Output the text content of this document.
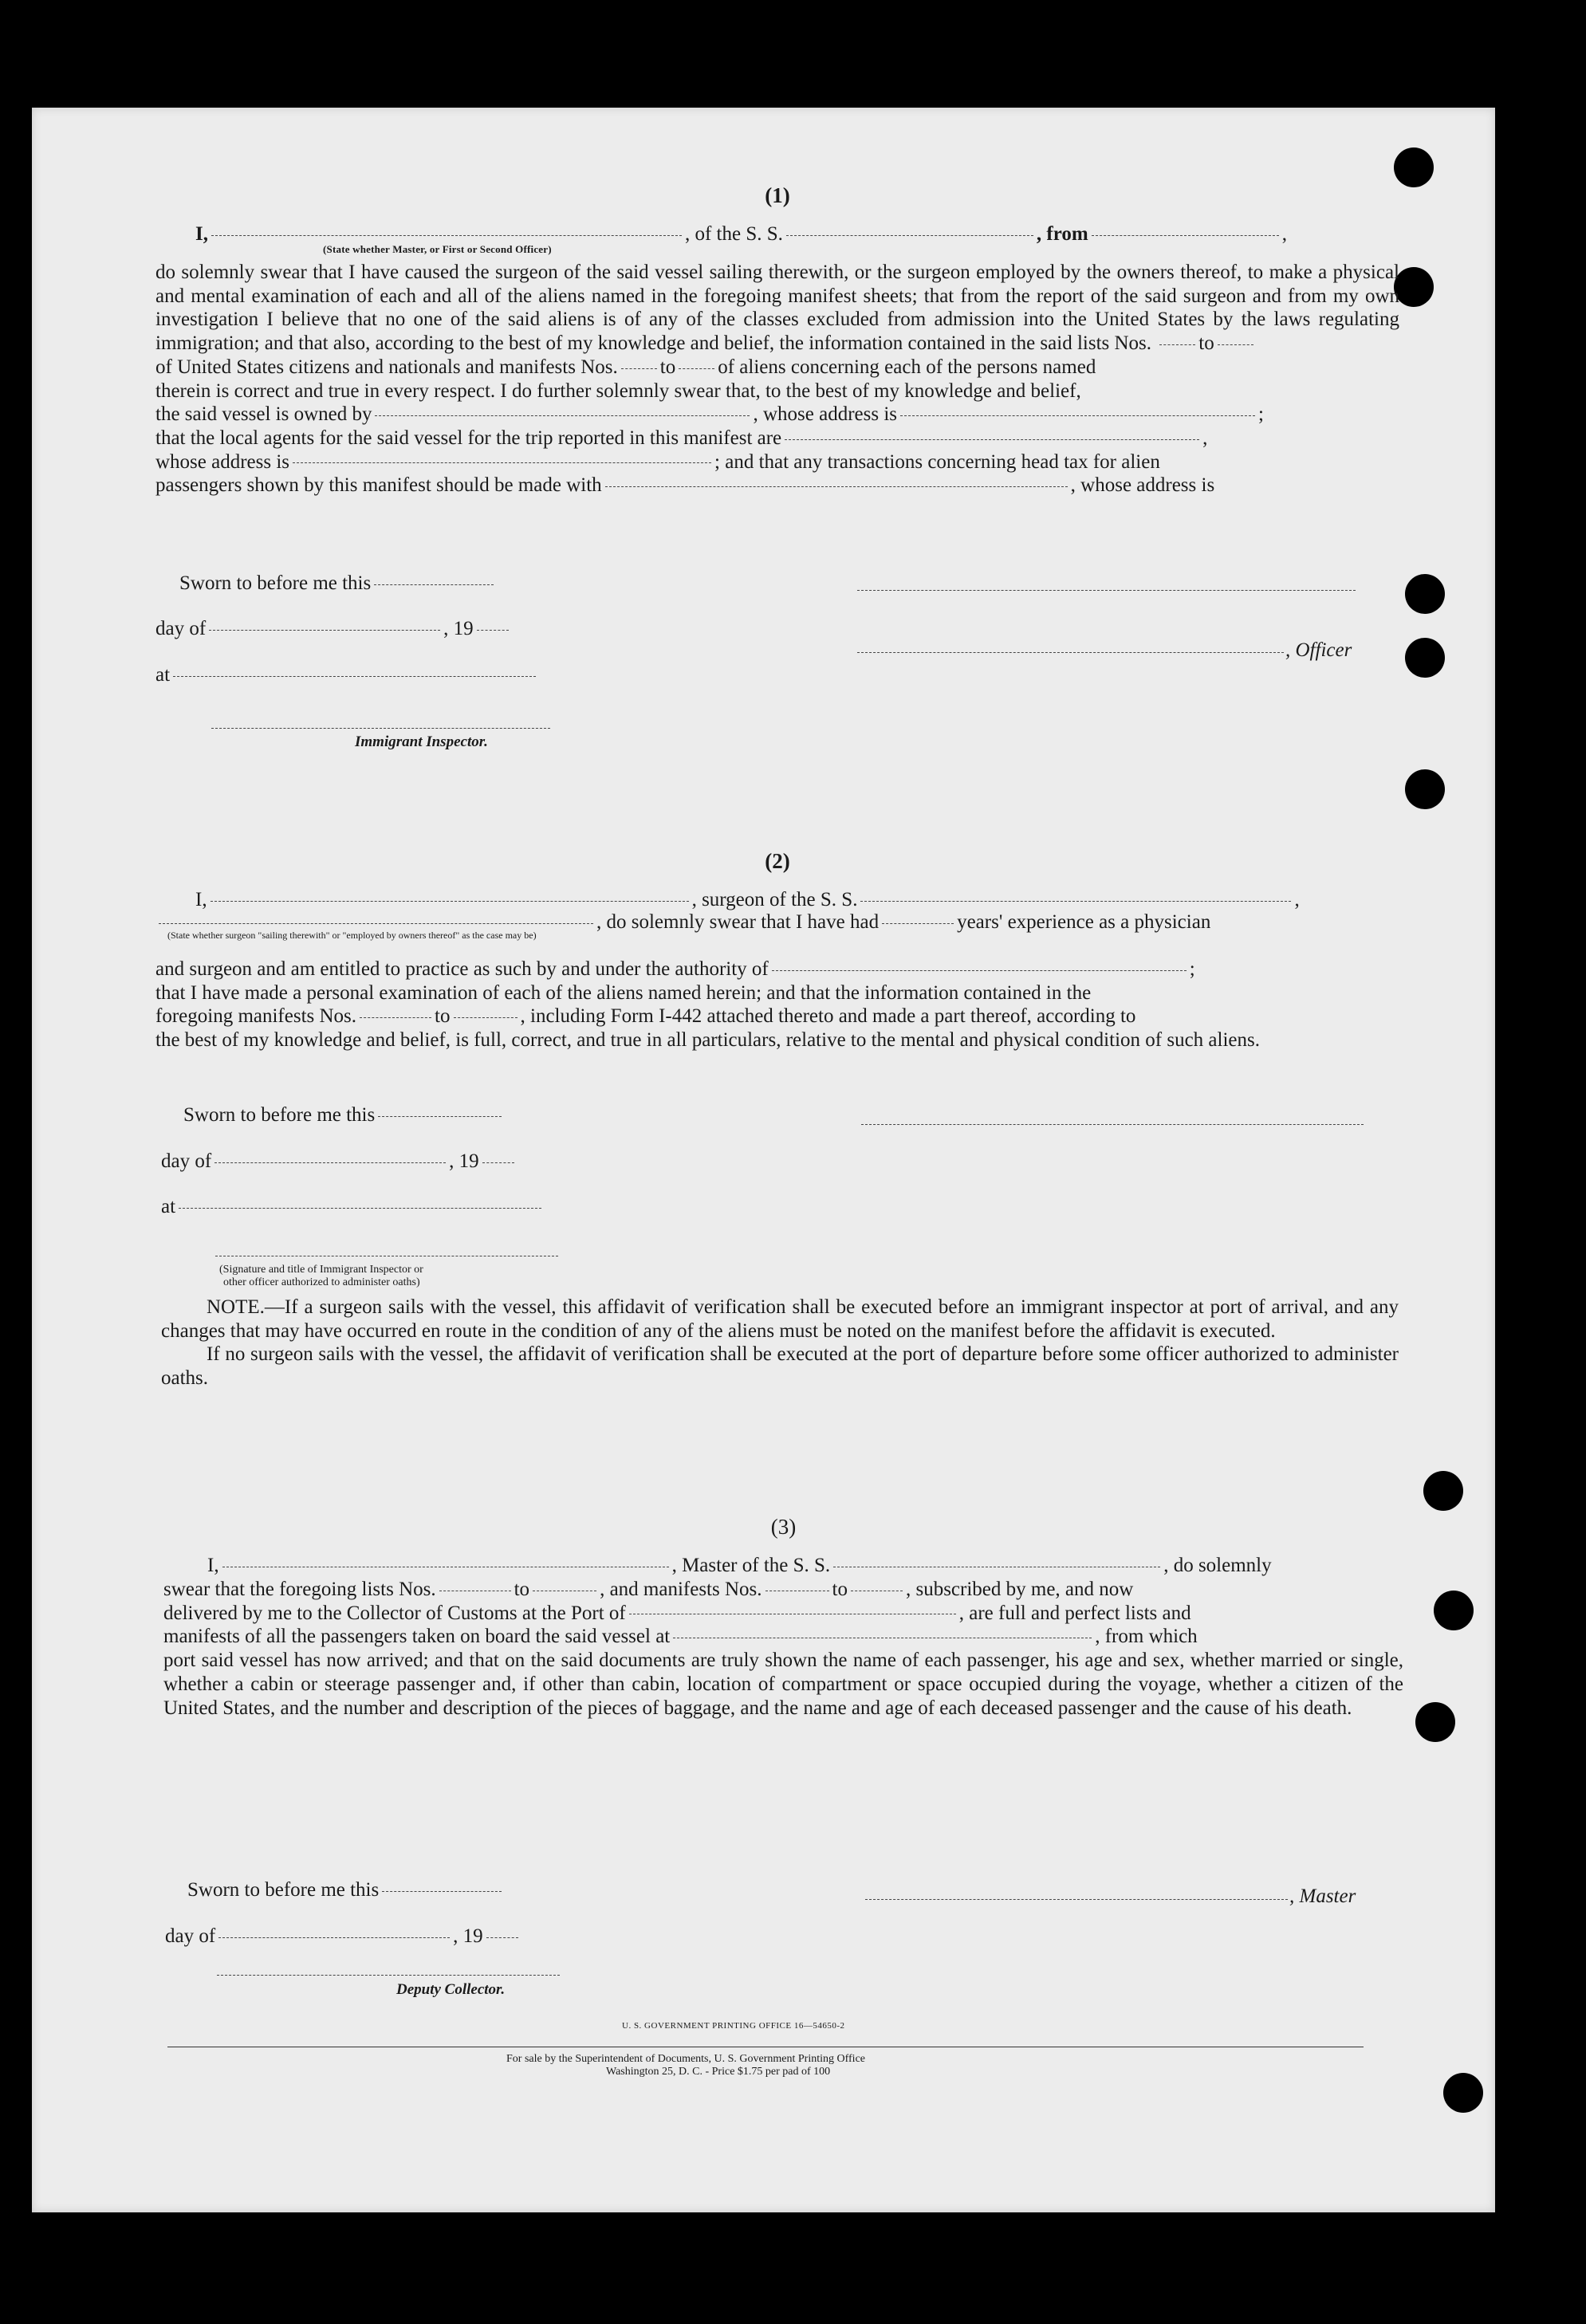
(1)
I,	, of the S. S.	, from	,
(State whether Master, or First or Second Officer)
do solemnly swear that I have caused the surgeon of the said vessel sailing therewith, or the surgeon employed by the owners thereof, to make a physical and mental examination of each and all of the aliens named in the foregoing manifest sheets; that from the report of the said surgeon and from my own investigation I believe that no one of the said aliens is of any of the classes excluded from admission into the United States by the laws regulating immigration; and that also, according to the best of my knowledge and belief, the information contained in the said lists Nos. to
of United States citizens and nationals and manifests Nos. to of aliens concerning each of the persons named
therein is correct and true in every respect. I do further solemnly swear that, to the best of my knowledge and belief,
the said vessel is owned by	, whose address is	;
that the local agents for the said vessel for the trip reported in this manifest are	,
whose address is	; and that any transactions concerning head tax for alien
passengers shown by this manifest should be made with	, whose address is
Sworn to before me this
day of	, 19
, Officer
at
Immigrant Inspector.
(2)
I,	, surgeon of the S. S.	,
, do solemnly swear that I have had	years' experience as a physician
(State whether surgeon "sailing therewith" or "employed by owners thereof" as the case may be)
and surgeon and am entitled to practice as such by and under the authority of	;
that I have made a personal examination of each of the aliens named herein; and that the information contained in the
foregoing manifests Nos.	to	, including Form I-442 attached thereto and made a part thereof, according to
the best of my knowledge and belief, is full, correct, and true in all particulars, relative to the mental and physical condition of such aliens.
Sworn to before me this
day of	, 19
at
(Signature and title of Immigrant Inspector or
other officer authorized to administer oaths)
NOTE.—If a surgeon sails with the vessel, this affidavit of verification shall be executed before an immigrant inspector at port of arrival, and any changes that may have occurred en route in the condition of any of the aliens must be noted on the manifest before the affidavit is executed.
If no surgeon sails with the vessel, the affidavit of verification shall be executed at the port of departure before some officer authorized to administer oaths.
(3)
I,	, Master of the S. S.	, do solemnly
swear that the foregoing lists Nos.	to	, and manifests Nos.	to	, subscribed by me, and now
delivered by me to the Collector of Customs at the Port of	, are full and perfect lists and
manifests of all the passengers taken on board the said vessel at	, from which
port said vessel has now arrived; and that on the said documents are truly shown the name of each passenger, his age and sex, whether married or single, whether a cabin or steerage passenger and, if other than cabin, location of compartment or space occupied during the voyage, whether a citizen of the United States, and the number and description of the pieces of baggage, and the name and age of each deceased passenger and the cause of his death.
Sworn to before me this	, Master
day of	, 19
Deputy Collector.
U. S. GOVERNMENT PRINTING OFFICE 16—54650-2
For sale by the Superintendent of Documents, U. S. Government Printing Office
Washington 25, D. C. - Price $1.75 per pad of 100
